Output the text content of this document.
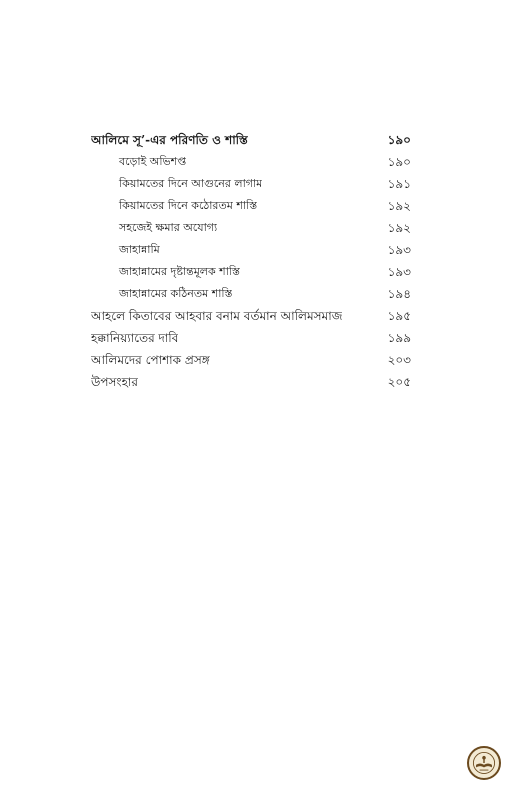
আলিমে সূ’-এর পরিণতি ও শাস্তি	১৯০
বড়োই অভিশপ্ত	১৯০
কিয়ামতের দিনে আগুনের লাগাম	১৯১
কিয়ামতের দিনে কঠোরতম শাস্তি	১৯২
সহজেই ক্ষমার অযোগ্য	১৯২
জাহান্নামি	১৯৩
জাহান্নামের দৃষ্টান্তমূলক শাস্তি	১৯৩
জাহান্নামের কঠিনতম শাস্তি	১৯৪
আহলে কিতাবের আহবার বনাম বর্তমান আলিমসমাজ	১৯৫
হক্কানিয়্যাতের দাবি	১৯৯
আলিমদের পোশাক প্রসঙ্গ	২০৩
উপসংহার	২০৫
